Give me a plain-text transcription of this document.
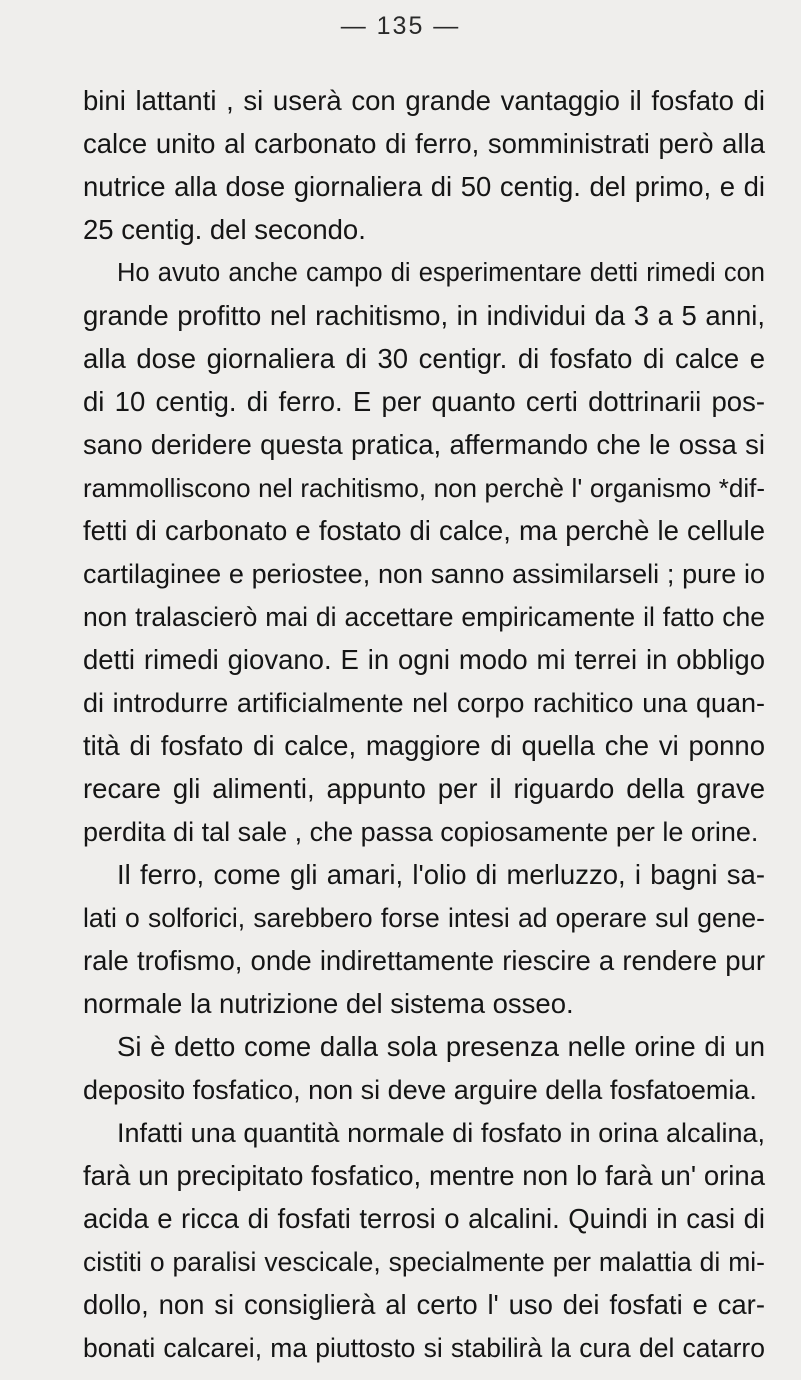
— 135 —
bini lattanti , si userà con grande vantaggio il fosfato di
calce unito al carbonato di ferro, somministrati però alla
nutrice alla dose giornaliera di 50 centig. del primo, e di
25 centig. del secondo.
Ho avuto anche campo di esperimentare detti rimedi con
grande profitto nel rachitismo, in individui da 3 a 5 anni,
alla dose giornaliera di 30 centigr. di fosfato di calce e
di 10 centig. di ferro. E per quanto certi dottrinarii pos-
sano deridere questa pratica, affermando che le ossa si
rammolliscono nel rachitismo, non perchè l' organismo *dif-
fetti di carbonato e fostato di calce, ma perchè le cellule
cartilaginee e periostee, non sanno assimilarseli ; pure io
non tralascierò mai di accettare empiricamente il fatto che
detti rimedi giovano. E in ogni modo mi terrei in obbligo
di introdurre artificialmente nel corpo rachitico una quan-
tità di fosfato di calce, maggiore di quella che vi ponno
recare gli alimenti, appunto per il riguardo della grave
perdita di tal sale , che passa copiosamente per le orine.
Il ferro, come gli amari, l'olio di merluzzo, i bagni sa-
lati o solforici, sarebbero forse intesi ad operare sul gene-
rale trofismo, onde indirettamente riescire a rendere pur
normale la nutrizione del sistema osseo.
Si è detto come dalla sola presenza nelle orine di un
deposito fosfatico, non si deve arguire della fosfatoemia.
Infatti una quantità normale di fosfato in orina alcalina,
farà un precipitato fosfatico, mentre non lo farà un' orina
acida e ricca di fosfati terrosi o alcalini. Quindi in casi di
cistiti o paralisi vescicale, specialmente per malattia di mi-
dollo, non si consiglierà al certo l' uso dei fosfati e car-
bonati calcarei, ma piuttosto si stabilirà la cura del catarro
